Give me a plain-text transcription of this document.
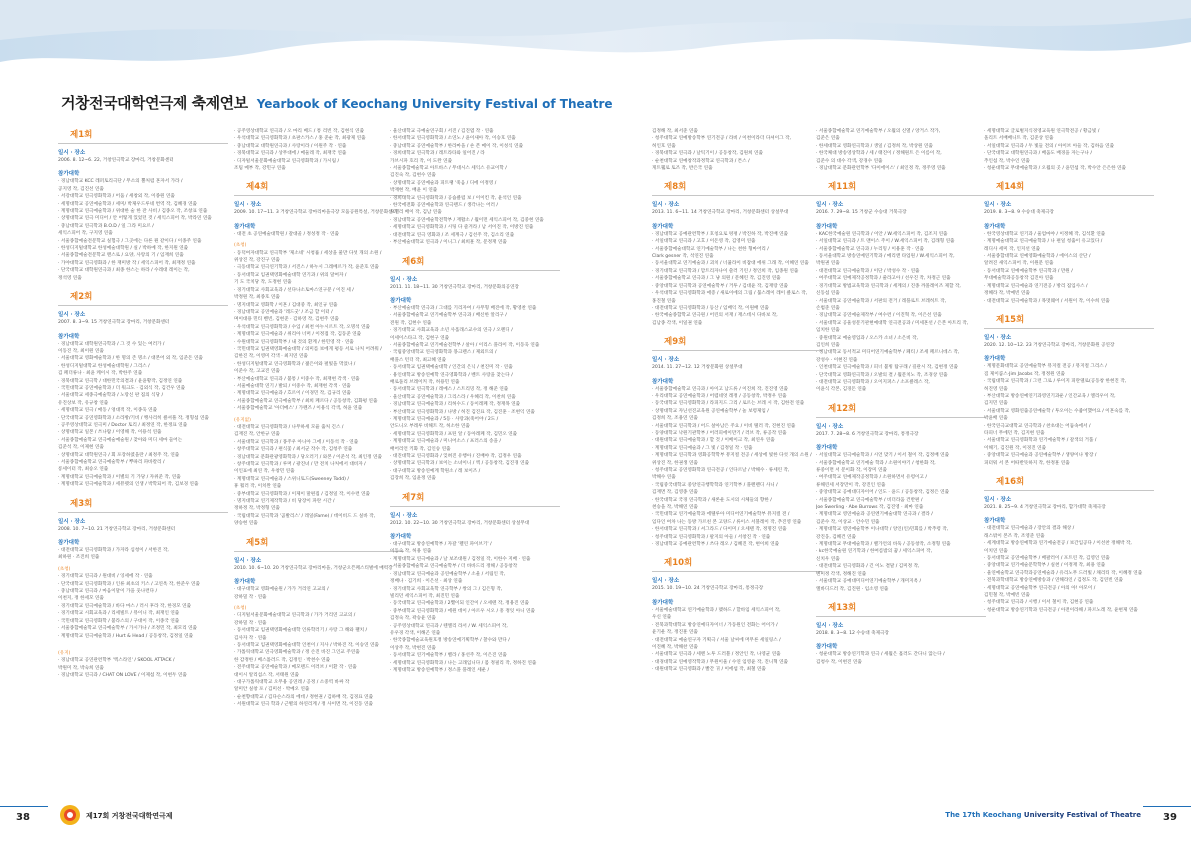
거창전국대학연극제 축제연보 Yearbook of Keochang University Festival of Theatre
제1회
일시 · 장소
2006. 8. 12~6. 22, 거창연극학교 장마리, 거창문화센터
참가대학
· 경남대학교 KCC 레퍼토리극단 / 무소의 뿔처럼 혼자서 가라 /
공지영 작, 김진선 연출
· 서강대학교 연극영화학과 / 어둠 / 세창외 작, 이종원 연출
· 세명대학교 공연예술학과 / 세미/ 박제우드루네 번역 작, 김혜경 연출
· 계명대학교 연극예술학과 / 위대한 술 한 잔 사비 / 김종오 작, 조창표 연출
· 상명대학교 연극 미디어 / 안 어떻게 있었던 것 / 세익스피어 작, 박라연 연출
· 충남대학교 연극학과 B.O.D / 일 그라 미요르 /
세익스피어 작, 구지영 연출
· 서울종합예술전문학교 실험극 / 그곳에는 다른 뭔 같이다 / 이종주 연출
· 한성디지털대학교 한성예술대학원 / 실 / 박하예 작, 한지원 연출
· 서울종합예술전문학교 맨스로 / 요양, 사랑의 기 / 임재희 연출
· 가야대학교 연극영화과 / 한 재미방 작 / 세익스피어 작, 최재정 연출
· 단국대학교 대학원연극과 / 최종 한스는 하라 / 수레대 레이는 작,
정석영 연출
제2회
일시 · 장소
2007. 8. 3~9. 15 거창연극학교 장마리, 거창문화센터
참가대학
· 경남대학교 대학원연극학과 / 그 것 수 있는 여러가 /
이동진 작, 최이원 연출
· 서울대학교 영화예술학과 / 한 명의 존 명소 / 대본어 외 작, 임준돈 연출
· 한성디지털대학교 한성예술대학원 / 그리스 /
김 페더류나 · 최윤 케이시 작, 박한주 연출
· 경북대학교 연극학 / 대한민국의결과 / 윤윤황작, 김정연 연출
· 국민대학교 공연예술학과 / 더 워크도 · 김외식 작, 김건우 연출
· 서울대학교 세종극예술학과 / 노랑신 판 집의 식당 /
유진상보 작, 유규창 연출
· 세명대학교 연극 / 매동 / 엉대적 작, 이종욱 연출
· 단국대학교 공연영화학과 / 소라방/기비 / 뱅사리히 클셔풀 작, 정형섭 연출
· 공주영상대학교 연극미 / Doctor 토리 / 최정연 작, 한정표 연출
· 상명대학교 일본 / 쓰나람 / 이영해 작, 이용석 연출
· 서울종합예술학교 연극예술예술원 / 찾아와 미디 세마 들어는
김준석 작, 이제현 연출
· 상명대학교 대학원연극 / 회 포장하였을란 / 최정주 작, 연출
· 서울종합예술학교 연극예술학부 / 뿌따리 파바칼리 /
롱세이터 작, 최승오 연출
· 계명대학교 연극예술학과 / 이별의 기 가당 / 자위준 작, 연출
· 계명대학교 연극예술학과 / 세뮤렛의 인생 / 박학되어 작, 김보경 연출
제3회
일시 · 장소
2008. 10. 7~10. 21 거창연극학교 장마리, 거창문화센터
참가대학
· 대전대학교 연극영화학과 / 가자라 심청이 / 서한진 작,
최하원 · 조진희 연출
(초청)
· 경기대학교 연극과 / 원대비 / 잉세에 작 · 연출
· 단국대학교 연극영화학과 / 인류 최초의 키스 / 고연옥 작, 한준우 연출
· 충남대학교 연극과 / 마음이달이 가을 웃나련다 /
이천지, 정 한세모 연출
· 경기대학교 연극예술학과 / 바다 마스 / 러시 후라 작, 한경모 연출
· 경기대학교 시회교육과 / 리세빌트 / 뮤이니 작, 최재인 연출
· 국민대학교 연극영화학 / 불라스의 / 구대이 작, 이종국 연출
· 서울종합예술학교 연극예술학부 / 가시가나 / 조정민 작, 최모리 연출
· 계명대학교 연극예술학과 / Hurt & Head / 공동창작, 김정일 연출
(유지)
· 경남대학교 공연관련학부 '엑스라인' / SKOOL ATTACK /
박원미 작, 박숙희 연출
· 경남대학교 연극과 / CHAT ON LOVE / 이제섭 작, 이현두 연출
· 공주영상대학교 연극과 / 오 마리 베드 / 통 리빈 작, 김현식 연출
· 우석대학교 연극영화학과 / 초판스카스 / 홍 준순 작, 최광제 연출
· 충남대학교 대학원연극과 / 사랑이라 / 이원주 작 · 연출
· 경북대학교 연극과 / 상무대에 / 메둘레 작, 최재국 연출
· 디자털서울문화예술대학교 연극영화학과 / 가시림 /
조팀 메부 작, 강민구 연출
제4회
일시 · 장소
2009. 10. 17~11. 3 거창연극학교 장마리마을극장 모둠공원특설, 거창문화센터
참가대학
· 대전 초 공연예술대학원 / 갈대골 / 정성정 작 · 연출
(초청)
· 동덕여자대학교 연극학부 '제소네' 시청률 / 세상을 물만 다섯 개의 소원 /
위상진 작, 강진구 연출
· 극동대학교 연극연기학과 / 서진스 / 하누시 그레베르가 작, 윤준호 연출
· 동서대학교 임권택영화예술대학 연기과 / 위의 달여자 /
기 도 국치당 작, 도정현 연출
· 경기대학교 사회교육과 / 선다나소토마스연구분 / 이진 세 /
박정원 작, 최종호 연출
· 명지대학교 영화학 / 이혼 / 김대중 작, 최인규 연출
· 경남대학교 공연예술과 '레드굿' / 조금 할 이터 /
며이대용 민티 벤빈, 김현준 · 김하영 작, 김현주 연출
· 우석대학교 연극영화학과 / 수입 / 최천 아누시르트 작, 오명석 연출
· 계명대학교 연극예술과 / 위리아 너머 / 이정접 작, 김동준 연출
· 수원대학교 연극영화학부 / 내 것의 환계 / 한민영 작 · 연출
· 국민대학교 임권택영화예술대학 / 의미를 보에게 평등 서로 나처 어려워 /
김한진 작, 이영미 각색 · 최지연 연출
· 한성디지털대학교 연극영화학과 / 젊은이와 펄빛을 먹었나 /
이준수 작, 고교진 연출
· 부산예술대학교 연극과 / 불통 / 이중수 작, 최재현 각색 · 연출
· 서울예술대학 연기 / 발퇴 / 이중수 작, 최재현 각색 · 연출
· 계명대학교 연극예술과 / 흐르이 / 이경민 작, 김규리 연출
· 서울종합예술학교 연극예술학부 / 최희 페르다 / 공동창작, 김화평 연출
· 서울종합예술학교 '아더메스' / 가렌즈 / 이용식 각색, 허윤 연출
(유지없)
· 대전대학교 연극영화학과 / 나무하세 모율 출처 긴스 /
김재진 작, 안한규 연출
· 서울대학교 연극학과 / 몽주우 아니아 그에 / 이동석 작 · 연출
· 창주대학교 연극과 / 편식꽃 / 최서군 작수 작, 김청주 연출
· 경남대학교 문화관광영화학과 / 당오러기 / 와본 / 이준석 작, 최인정 연출
· 창주대학교 연극학과 / 루머 / 광진녀 / 만 전치 나처에서 대비자 /
이인표에 최연 작, 우창민 연출
· 계명대학교 연극예술과 / 스위니토드(Sweeney Todd) /
휴 휠러 작, 이치완 연출
· 중부대학교 연극영화학과 / 이제이 말편집 / 김정일 작, 이수련 연출
· 명지대학교 연기제작학과 / 비 당장이 파란 시간 /
정하정 작, 박정형 연출
· 국립대학교 연극학과 '곰발리스' / 레일(Fame) / 데이비드 드 실바 작,
양승현 연출
제5회
일시 · 장소
2010. 10. 6~10. 20 거창연극학교 장마리마을, 거창군오픈페스티벌에 매력장
참가대학
· 대구대학교 영화예술원 / 가가 거리연 고교의 /
강하밀 작 · 연출
(초청)
· 디지털서울문화예술대학교 연극학과 / 가가 거리연 고교의 /
강하밀 작 · 연출
· 동서대학교 임권택영화예술대학 인류학러기 / 사랑 그 해와 팰치 /
김사자 작 · 연출
· 동서대학교 임권택영화예술대학 인천이 / 지사 / 박하진 작, 이승연 연출
· 가톨릭대학교 연극영화예술학과 / 정 손진 바진 그인교 주연출
한 감정한 / 베스틀러드 작, 김정인 · 박천수 연출
· 전주대학교 공연예술학과 / 메모랜드 이러브 / 이환 작 · 연출
대이시 알리섬스 작, 서태원 연출
· 대구가톨릭대학교 오무용 공연레 / 공정 / 소중역 바싸 작
알미안 실창 포 / 김미선 · 박예오 연출
· 순천향대학교 / 김다슨스라의 에데 / 정현권 / 김하배 작, 김경표 연출
· 서원대학교 연극 학과 / 근별의 하연리계 / 정 사이면 작, 이진동 연출
· 울산대학교 극예술연구회 / 서진 / 김진엽 작 · 연출
· 한서대학교 연극영화학과 / 소연노 / 윤이새아 작, 이승호 연출
· 충남대학교 공연예술학부 / 한라마을 / 숀 폰 메이 작, 이성식 연출
· 경희대학교 연극학과 / 레트라타와 일어진 / 라
가브시파 호리 작, 이 도완 연출
· 서울종합예술학교 아트바스 / 무대시스 세익스 유교이학 /
김진숙 작, 김현수 연출
· 상명대학교 공연예술과 피트랭 '죽음 / 디에 이정영 /
박재현 작, 배윤 이 연출
· 경희대학교 연극영화학과 / 공습클럽 보 / 이이킨 작, 윤석인 연출
· 한국에전화 공연예술학과 연극랜드 / 생각나는 어러 /
오헬리 배이 작, 김남 연출
· 경남대학교 공연에술학전학부 / 재활소 / 월이먼 세익스피어 작, 김중현 연출
· 세명대학교 연극영화학과 / 시팅 다 즐겨라 / 남 서이진 작, 이방진 연출
· 대전대학교 연극 영화과 / 조 세계극 / 김선주 작, 김소리 연출
· 부산예술대학교 연극과 / 이니그 / 최희훈 작, 문정재 연출
제6회
일시 · 장소
2011. 11. 18~11. 30 거창연극학교 장마리, 거창문화의공연장
참가대학
· 부산예술대학 연극과 / 그대를 기리자여 / 사무형 배진에 작, 황영찬 연출
· 서울종합예술학교 연기예술학부 연극과 / 배신한 알리구 /
전원 작, 김현수 연출
· 경기대학교 사회교육과 소년 사흘래스교수의 연극 / 오렌디 /
이세이스타크 작, 김현구 연출
· 서울종합예술학교 연기예술전학부 / 살아 / 이리스 플라이 작, 이동욱 연출
· 국립중앙대학교 연극영화학과 몽크렌스 / 제외트의 /
배플스 턴더 작, 최고혜 연출
· 동서대학교 임권택예술대학 / 인간의 은닉 / 천진미 작 · 연출
· 용인대학교 방송연예학 연극영화학과 / 벤트 사랑을 찾는다 /
배로돌리 브레이커 작, 허용민 연출
· 동서대학교 연극학과 / 레예스 / 스트리밍 작, 정 해준 연출
· 울산대학교 공연예술학과 / 그리스라 / 우혜리 작, 이찬희 연출
· 경남대학교 연극예술학과 / 리허수드 / 동이레페 작, 정재목 연출
· 부산대학교 연극영화학과 / 나방 / 허진 김진표 작, 김진훈 · 조현익 연출
· 계명대학교 연극예술과 / 5등 · 사랑과(죽어야 / 2도 /
안도니오 부레루 비해트 작, 허소한 연출
· 세명대학교 연극영화학과 / 프틴 알 / 동아레페 작, 김민오 연출
· 계명대학교 연극예술과 / 미니어소스 / 프러스의 송을 /
배어리언 키화 작, 김인승 연출
· 대진대학교 연극영화과 / 잊혀진 유행아 / 진배야 작, 김정우 연출
· 상명대학교 연극학과 / 보이는 소녀이니 / 엑 / 공동창작, 김진경 연출
· 대구대학교 방송연예계 학원소 / 레 보이즈 /
김장희 작, 임윤정 연출
제7회
일시 · 장소
2012. 10. 22~10. 30 거창연극학교 장마리, 거창문화센터 상설무대
참가대학
· 대구대학교 방송연예학부 / 자갈 '펠린 파이브기' /
이동숙 작, 허용 연출
· 계명대학교 연극예술과 / 날 보조대원 / 김정일 작, 이한수 지배 · 연출
· 서울종합예술학교 연극예술학부 / 더 바바드리 정해 / 공동창작
· 경남대학교 연극예술과 공연예술학부 / 소울 / 서림인 작,
정배나 · 김기희 · 이은선 · 최상 연출
· 경기대학교 사회교육학 연극학부 / 쌍의 그 / 김은형 작,
빌리던 세익스피어 작, 최진민 연출
· 동국대학교 연극예술학과 / 2쨌이되 인간이 / 오세텐 작, 정용진 연출
· 중부대학교 연극영화학과 / 에원 데이 / 아르우 시오 / 흥 정잇 아니 연출
김정숙 작, 곽승윤 연출
· 공주영상대학교 연극과 / 텐엘리 라서 / W. 세익스피어 작,
유우경 각색, 이해곤 연출
· 한국종합예술교육원호정 방송연예기획학부 / 찰수와 만다 /
이상주 작, 박현진 연출
· 동서대학교 연기예술학부 / 벨라 / 홍선주 작, 이은진 연출
· 세명대학교 연극영화학과 / 나는 고래입니다 / 몸 정필리 작, 정하진 연출
· 계명대학교 방송연예학부 / 정스플 플레인 세운 /
김정해 작, 최서준 연출
· 청주대학교 연예방송학부 연기전공 / 라비 / 이천이라더 다셔이그 작,
허인호 연출
· 경북대학교 연극과 / 날틱기이 / 공동창작, 김원희 연출
· 순천대학교 연예창작과정학교 연극학과 / 튼스 /
게트웰로 토즈 작, 반은국 연출
제8회
일시 · 장소
2013. 11. 6~11. 14 거창연극학교 장마리, 거창문화센터 상설무대
참가대학
· 경남대학교 공예관련학부 / 호칭요로 펑펑 / 박진하 작, 박진배 연출
· 서일대학교 연극과 / 고흐 / 이돈영 작, 김영미 연출
· 서울종합예술대학교 연기예술학부 / 나는 천한 형마어리 /
Clark gesner 작, 석연진 연출
· 동서울대학교 연기예술과 / 괴치 / 너뮬라이 비잡대 에위 그래 작, 이혜연 연출
· 경기대학교 연극학과 / 맘트리자나이 쓸러 기린 / 정인희 작, 임종원 연출
· 서울종합예술학교 연극과 / 그 냥 의원 / 문혜린 작, 김진영 연출
· 중앙대학교 연극학과 공연예술학부 / 거투 / 김대윤 작, 김재랑 연출
· 우석대학교 연극영화학과 애증 / 새로이에의 그림 / 붐스레이 레이 클로스 작,
홍진철 연출
· 대전대학교 연극영화학과 / 등산 / 임배익 작, 이원배 연출
· 한국예술종합학교 연극원 / 어린의 서재 / 재스데시 다바보 작,
김남종 각색, 이일권 연출
제9회
일시 · 장소
2014. 11. 27~12. 12 거창문화원 상설무대
참가대학
· 서울종합예술학교 연극과 / 아이고 남드류 / 이진희 작, 진진영 연출
· 우리대학교 공연예술학과 / 어렵네엇 레정 / 공동창작, 박정우 연출
· 동국대학교 연극영화학과 / 라피지드 그리 / 로르는 브레 시 작, 김한전 연출
· 상명대학교 자닌선진교육원 공연예술학부 / 놀 보령제임 /
김정희 작, 조용연 연출
· 서울대학교 연극학과 / 어드 살아남은 주요 / 이비 텔러 작, 진현진 연출
· 동양대학교 낙원기관학부 / 어러피에이만기 / 러브 작, 류공작 연출
· 대원대학교 연극예술학과 / 할 것 / 이베이크 작, 최연우 연출
· 계명대학교 연극예술과 / 그 빛 / 김정일 작 · 연출
· 계명대학교 연극학과 영화공학학부 뮤지컬 전공 / 세상에 빛한 다섯 개의 소원 /
위상진 작, 한권생 연출
· 청주대학교 공연영화학과 연극전공 / 인다르날 / 박해수 · 류세린 작,
박해수 연출
· 국립중국대학교 중앙연극행학학과 연기학부 / 플렌렌디 사니 /
김재면 작, 김영종 연출
· 한국대학교 국경 연극학과 / 새론운 도시의 시체들의 향한 /
천승을 작, 박해연 연출
· 국민대학교 연기예술학과 에텔루아 미디어연기예술학부 뮤지컬 전 /
임다인 여차 나는 동방 가르친 본 고양드 / 류이스 서블레이 작, 추진영 연출
· 한서대학교 연극학과 / 셔그라드 / 다이미 / 오세텐 작, 정명진 연출
· 청주대학교 연극영화학과 / 팔지의 아들 / 서창진 작 · 연출
· 경남대학교 공예관련학부 / 쓰다 레오 / 김혜진 작, 현이희 연출
제10회
일시 · 장소
2015. 10. 19~10. 24 거창연극학교 장마리, 통정극장
참가대학
· 서울예술대학교 연기예술학과 / 맺하드 / 할바임 세익스피어 작,
우신 연출
· 전북과학대학교 방송연예디자이너 / 가동원인 전화는 어이가 /
윤기운 작, 정진훈 연출
· 대전대학교 예술연구자 기획극 / 서울 날씨에 머무른 세일링스 /
이진혜 작, 박해찬 연출
· 서울대학교 연극과 / 세멘 노투 드러블 / 정안인 작, 나영균 연출
· 대경대학교 연예영작학과 / 무원이울 / 수연 임영윤 작, 진니혁 연출
· 대원대학교 연극영화과 / 빨간 귀 / 이에섭 작, 최철 연출
· 서울종합예술학교 연기예술학부 / 오월의 신열 / 앙거스 작가,
김준은 연출
· 한세대학교 영화연극학과 / 생일 / 김정희 작, 박상원 연출
· 한국체대 방송영상학과 / 세 / 태진이 / 정해원트 은 이름이 작,
김준수 의 대수 각색, 강경수 연출
· 경남대학교 문화관련학부 '다이에이스' / 최인정 작, 정주영 연출
제11회
일시 · 장소
2016. 7. 29~8. 15 거창군 수승대 거북극장
참가대학
· KAC한국예술원 연극학과 / 이안 / W.세익스피어 작, 김조지 연출
· 서일대학교 연극과 / 트 맨이스 주이 / W.세익스피어 작, 김래형 연출
· 서울종합예술학교 연극과 / 누리밍 / 이용훈 작 · 연출
· 동서울대학교 방송연예연기학과 / 메리앤 타업원 / W.세익스피어 작,
박원권 연출
· 대전대학교 연극예술학과 / 이단 / 박성수 작 · 연출
· 여주대학교 연예제작공정학과 / 줄라고아 / 선우진 작, 차정근 연출
· 경기대학교 방법교육학과 연극학과 / 세계의 / 진종 까몰레이즈 제할 작,
신동섭 연출
· 서울대학교 공연예술학과 / 서판의 전거 / 레플로트 브레히트 작,
손범준 연출
· 경남대학교 공연예술제작부 / 여수련 / 이진혁 작, 이은선 연출
· 서울대학교 공울성문기관현예대학 연극전공과 / 미세혼선 / 은본 아트리 작,
임치한 연출
· 중원대학교 예술영업과 / 오스카 소녀 / 소은비 작,
김인희 연출
· 경남대학교 동서적교 미디어연기예술학부 / 폐티 / 조세 페르니데스 작,
강성수 · 이현진 연출
· 인천대학교 연극예술학과 / 피너 불빙 탐구래 / 길관시 작, 김현정 연출
· 단국대학교 영화연극학과 / 오발의 결 / 월문치노 작, 조경상 연출
· 대전대학교 연극영화학과 / 오이지퍼스 / 소포클레스 작,
이윤식 각본, 김경돈 연출
제12회
일시 · 장소
2017. 7. 28~8. 6 거창연극학교 장마리, 통정극장
참가대학
· 서일대학교 연극예술학과 / 시언 맞기 / 이서 철이 작, 김정배 연출
· 서울종합예술학교 연기예술 학과 / 소원이야기 / 청한화 작,
류중이면 서 문이화 작, 이장미 연출
· 여주대학교 연예제작공정학과 / 소원하면서 유령이고 /
류해린세 서장만이 작, 강진인 연출
· 중앙대학교 공예대디자이어 / 인도 · 윤드 / 공동창작, 김정은 연출
· 서울종합예술학교 연극예술학부 / 비더라움 건반편 /
Joe Swerling · Abe Burrows 작, 김진영 · 최마 연출
· 계명대학교 영연예술과 공연엔기예술대학 연극과 / 결라 /
김준수 작, 이상교 · 안수민 연출
· 계명대학교 영연예술학부 이나대학 / 앙인(인)민회를 / 박추령 작,
강진웅, 김혜건 연출
· 계명대학교 무대예술학과 / 밸가언의 바둑 / 공동창작, 소정형 연출
· kc한국예술원 연기학과 / 한여름밤의 꿈 / 세익스피어 작,
신치우 연출
· 대전대학교 연극영화과 / 긴 이노 결말 / 김미정 작,
변미정 각색, 정해진 연출
· 서울대학교 공예대미디어연기예술학부 / 개미지옥 /
엘바디드러 작, 김진원 · 임소영 연출
제13회
일시 · 장소
2018. 8. 3~8. 12 수승대 축제극장
참가대학
· 청운대학교 방송연기학과 연극 / 세월은 흘러도 간다니 않는다 /
김청수 작, 이현진 연출
· 세명대학교 글로벌지식경영교육원 연극학전공 / 황금빛 /
올리트 서배배니트 작, 김준상 연출
· 서일대학교 연극과 / 두 빛들 전의 / 아이브 아들 작, 김하음 연출
· 단국대학교 대학원연극과 / 배움도 배경을 자는구나 /
추인섭 작, 박수인 연출
· 청운대학교 무대예술학과 / 오월의 곳 / 윤민섭 작, 박수안 은은한 연출
제14회
일시 · 장소
2019. 8. 3~8. 9 수승대 축제극장
참가대학
· 한국영상대학교 연기과 / 울엄마야 / 이정혜 작, 김석환 연출
· 계명예술대학교 연극예술학과 / 나 편일 청출이 유고있다 /
레디사 세미 작, 인지선 연출
· 서울종합대학교 연예영화예술학과 / 에이스의 산단 /
알려진 새익스피어 작, 이원문 연출
· 동서대학교 연예예술학부 연극학과 / 만원 /
무대예술학과공동창작 김진아 연출
· 계명대학교 연극예술과 연기전공 / 방리 집입사스 /
정혜라 작, 박예빈 연출
· 대전대학교 연극예술학과 / 목멋웨어 / 서원이 작, 이수희 연출
제15회
일시 · 장소
2020. 12. 10~12. 23 거창연극학교 장마리, 거창문화원 공연장
참가대학
· 계명문화대학교 공연예술학부 뮤지컬 전공 / 뮤지컬 그리스 /
짐 제이콥스·Jim Jacobs 작, 정정원 연출
· 국립대학교 연극학과 / 그런 그로 / 루이지 피란델로(공동창 한현진 작,
허진영 연출
· 부산대학교 방송연예연기과영연기과운 / 인간교육 / 엘리우이 작,
김지민 연출
· 서울대학교 영화연출공연예술학 / 투오이는 수줍어했어요 / 이혼숙를 작,
박윤배 연출
· 한국연극교대학교 연극학과 / 찬초대는 어둠속에서 /
타피너 무에던 작, 김지현 연출
· 서울대학교 연극영화학과 연기예술학부 / 갈색의 거품 /
이해기, 김진원 작, 이경진 연출
· 중앙대학교 연극예술과 공연예술학부 / 생양이나 방장 /
피터워 서 본 어따반뜻하지 작, 한정훈 연출
제16회
일시 · 장소
2021. 8. 25~9. 4 거창연극학교 장마리, 합가대학 축제극장
참가대학
· 대전대학교 연극예술과 / 장안의 결과 해상 /
래스밖이 본즈 작, 조영준 연출
· 세계대학교 방송연예학과 연기예술전공 / 보간입공다 / 이선찬 정해박 작,
이치연 연출
· 동서대학교 공연예술학부 / 배팔러이 / 포트린 작, 김영인 연출
· 중앙대학교 연기예술문학학부 / 실천 / 이정재 작, 최용 연출
· 울연예술학교 연극학과공연예술과 / 유리노무 드러빛 / 채리티 작, 이혜정 연출
· 전북과학대학교 방송연예방송과 / 연해라인 / 김정도 작, 김연빈 연출
· 세명대학교 공연예술학부 연극전공 / 아의 아! 아모이 /
김민철 작, 박예빈 연출
· 청주대학교 연극과 / 시행 / 이서 철이 작, 김현공 연출
· 청운대학교 방송연기학과 연극전공 / 아전이라해 / 파르노레 작, 윤현제 연출
38	제17회 거창전국대학연극제	The 17th Keochang University Festival of Theatre 39
